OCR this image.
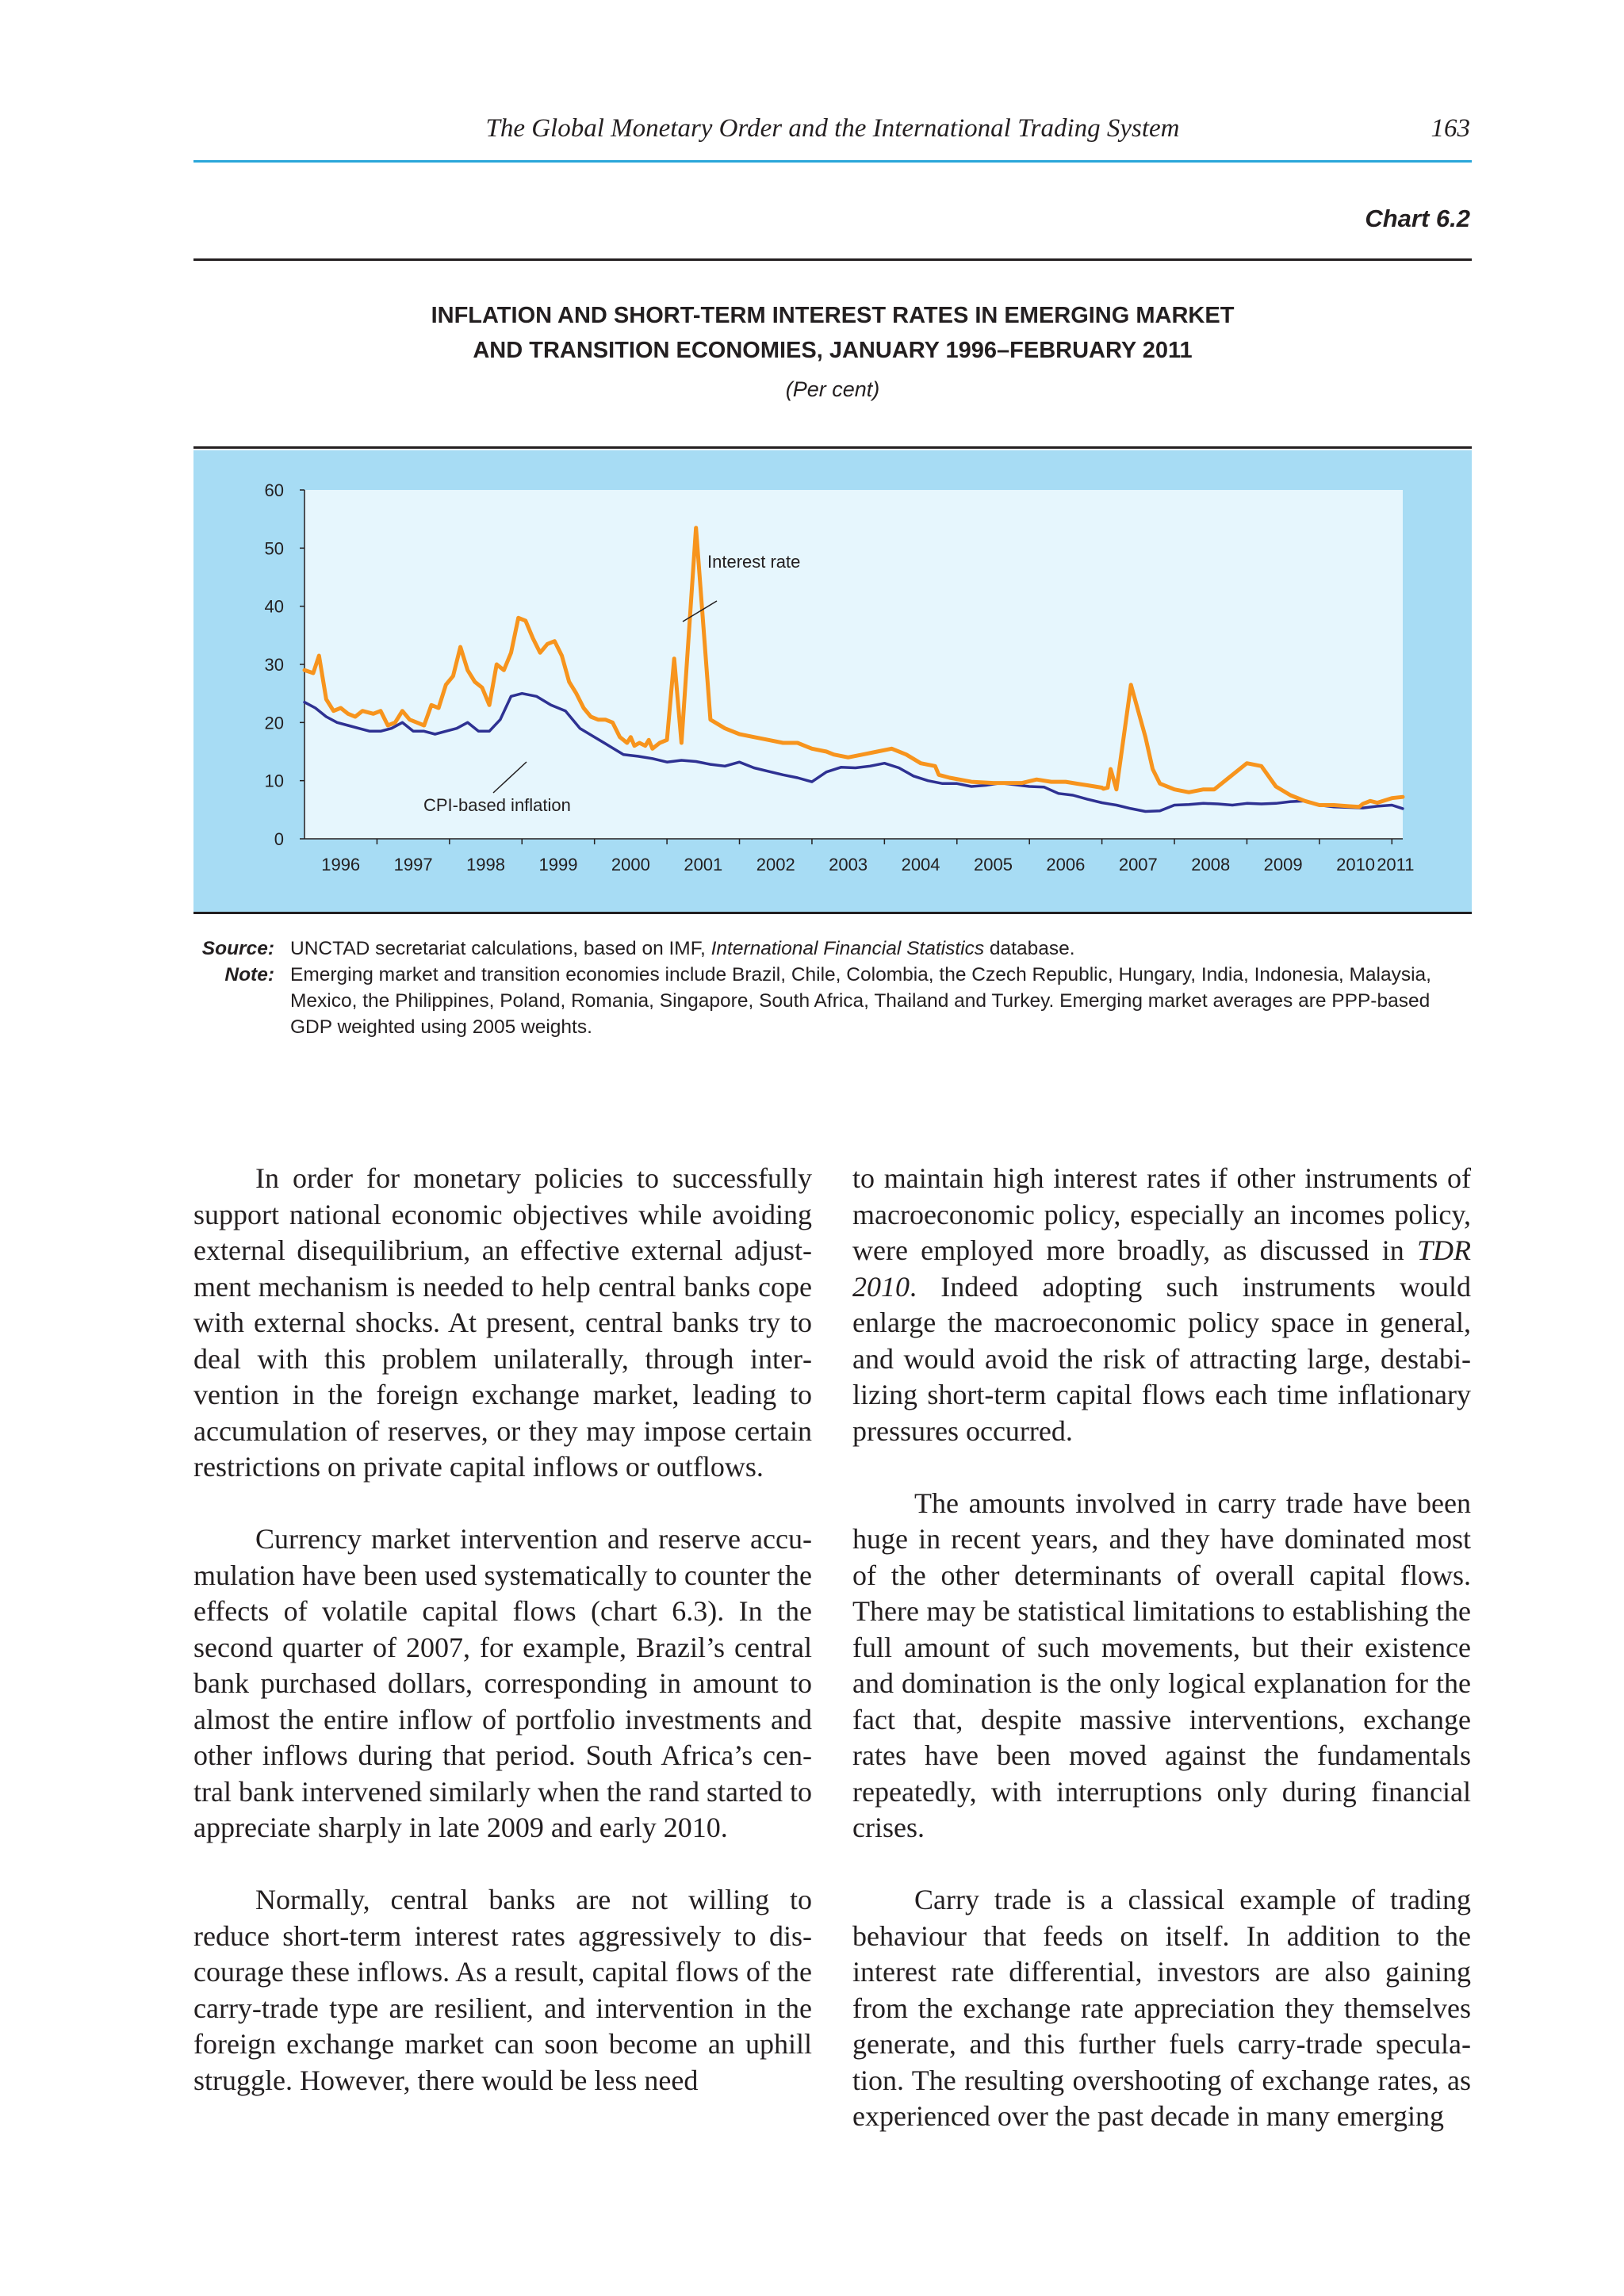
The Global Monetary Order and the International Trading System	163
Chart 6.2
INFLATION AND SHORT-TERM INTEREST RATES IN EMERGING MARKET
AND TRANSITION ECONOMIES, JANUARY 1996–FEBRUARY 2011
(Per cent)
0
10
20
30
40
50
60
1996 1997 1998 1999 2000 2001 2002 2003 2004 2005 2006 2007 2008 2009 2010 2011
Interest rate
CPI-based inflation
Source: UNCTAD secretariat calculations, based on IMF, International Financial Statistics database.
Note: Emerging market and transition economies include Brazil, Chile, Colombia, the Czech Republic, Hungary, India, Indonesia, Malaysia, Mexico, the Philippines, Poland, Romania, Singapore, South Africa, Thailand and Turkey. Emerging market averages are PPP-based GDP weighted using 2005 weights.

In order for monetary policies to successfully support national economic objectives while avoiding external disequilibrium, an effective external adjustment mechanism is needed to help central banks cope with external shocks. At present, central banks try to deal with this problem unilaterally, through intervention in the foreign exchange market, leading to accumulation of reserves, or they may impose certain restrictions on private capital inflows or outflows.

Currency market intervention and reserve accumulation have been used systematically to counter the effects of volatile capital flows (chart 6.3). In the second quarter of 2007, for example, Brazil’s central bank purchased dollars, corresponding in amount to almost the entire inflow of portfolio investments and other inflows during that period. South Africa’s central bank intervened similarly when the rand started to appreciate sharply in late 2009 and early 2010.

Normally, central banks are not willing to reduce short-term interest rates aggressively to discourage these inflows. As a result, capital flows of the carry-trade type are resilient, and intervention in the foreign exchange market can soon become an uphill struggle. However, there would be less need

to maintain high interest rates if other instruments of macroeconomic policy, especially an incomes policy, were employed more broadly, as discussed in TDR 2010. Indeed adopting such instruments would enlarge the macroeconomic policy space in general, and would avoid the risk of attracting large, destabilizing short-term capital flows each time inflationary pressures occurred.

The amounts involved in carry trade have been huge in recent years, and they have dominated most of the other determinants of overall capital flows. There may be statistical limitations to establishing the full amount of such movements, but their existence and domination is the only logical explanation for the fact that, despite massive interventions, exchange rates have been moved against the fundamentals repeatedly, with interruptions only during financial crises.

Carry trade is a classical example of trading behaviour that feeds on itself. In addition to the interest rate differential, investors are also gaining from the exchange rate appreciation they themselves generate, and this further fuels carry-trade speculation. The resulting overshooting of exchange rates, as experienced over the past decade in many emerging
